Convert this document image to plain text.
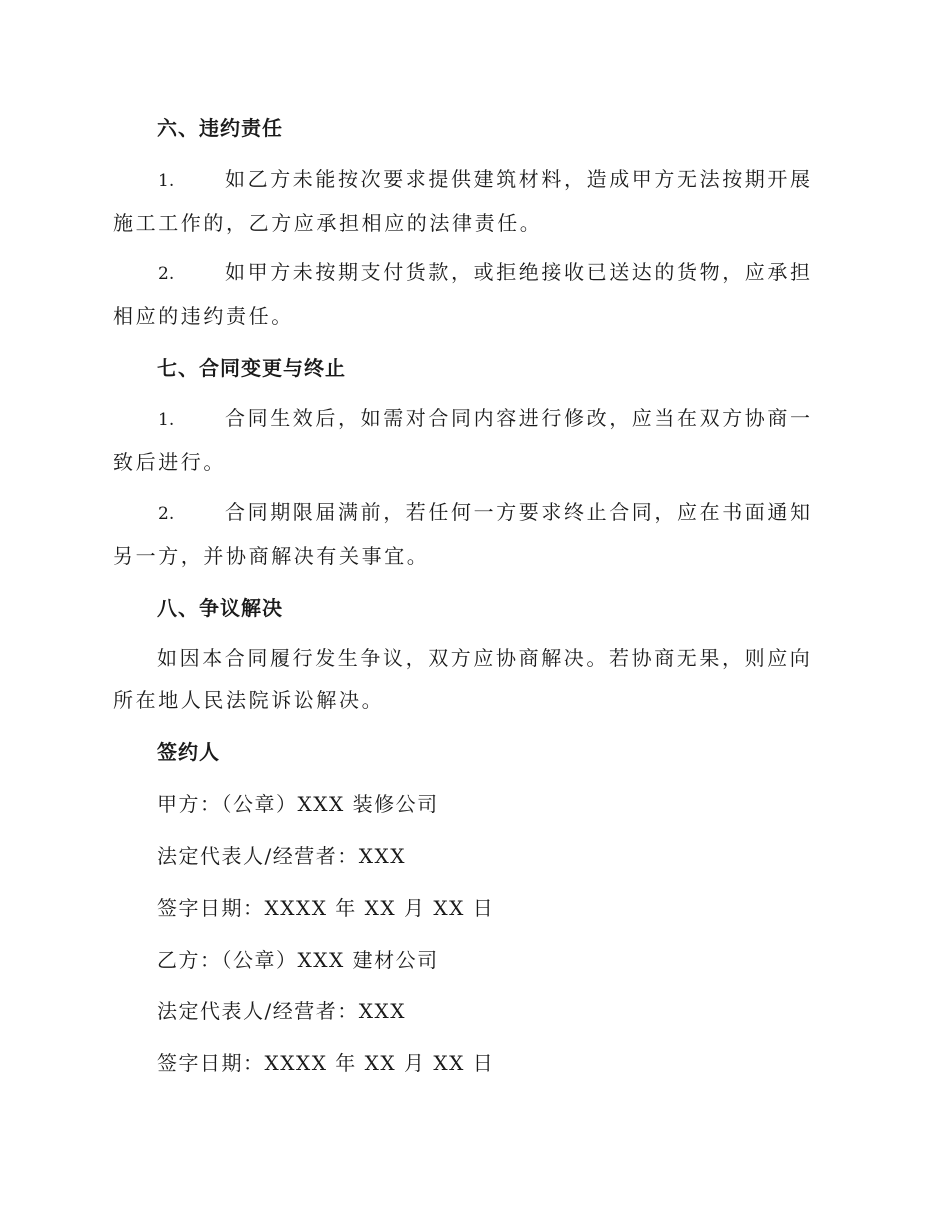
六、违约责任
1.	如乙方未能按次要求提供建筑材料，造成甲方无法按期开展施工工作的，乙方应承担相应的法律责任。
2.	如甲方未按期支付货款，或拒绝接收已送达的货物，应承担相应的违约责任。
七、合同变更与终止
1.	合同生效后，如需对合同内容进行修改，应当在双方协商一致后进行。
2.	合同期限届满前，若任何一方要求终止合同，应在书面通知另一方，并协商解决有关事宜。
八、争议解决
如因本合同履行发生争议，双方应协商解决。若协商无果，则应向所在地人民法院诉讼解决。
签约人
甲方：（公章）XXX 装修公司
法定代表人/经营者：XXX
签字日期：XXXX 年 XX 月 XX 日
乙方：（公章）XXX 建材公司
法定代表人/经营者：XXX
签字日期：XXXX 年 XX 月 XX 日
